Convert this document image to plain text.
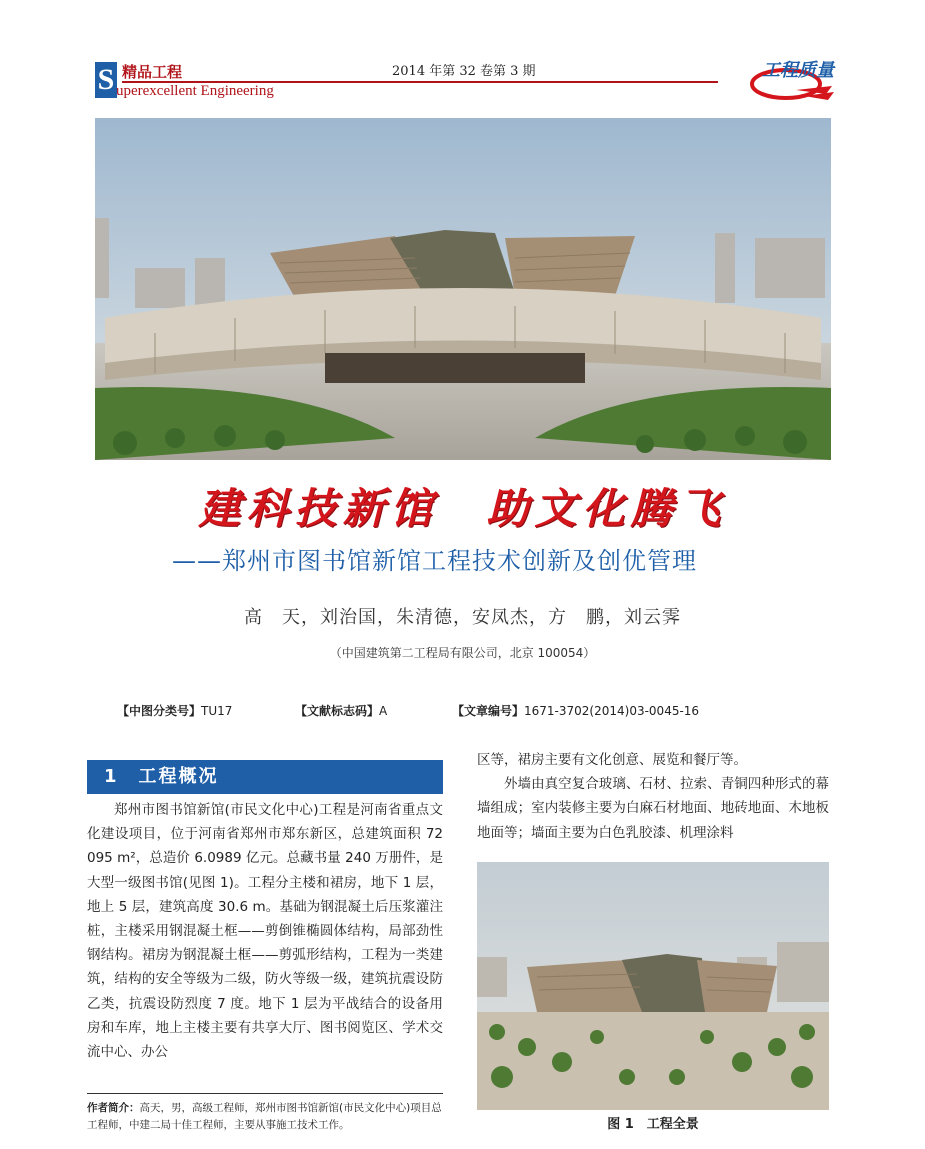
S 精品工程
uperexcellent Engineering
2014 年第 32 卷第 3 期	工程质量
建科技新馆　助文化腾飞
——郑州市图书馆新馆工程技术创新及创优管理
高　天，刘治国，朱清德，安凤杰，方　鹏，刘云霁
（中国建筑第二工程局有限公司，北京 100054）
【中图分类号】TU17	【文献标志码】A	【文章编号】1671-3702(2014)03-0045-16
1　工程概况

郑州市图书馆新馆(市民文化中心)工程是河南省重点文化建设项目，位于河南省郑州市郑东新区，总建筑面积 72 095 m²，总造价 6.0989 亿元。总藏书量 240 万册件，是大型一级图书馆(见图 1)。工程分主楼和裙房，地下 1 层，地上 5 层，建筑高度 30.6 m。基础为钢混凝土后压浆灌注桩，主楼采用钢混凝土框——剪倒锥椭圆体结构，局部劲性钢结构。裙房为钢混凝土框——剪弧形结构，工程为一类建筑，结构的安全等级为二级，防火等级一级，建筑抗震设防乙类，抗震设防烈度 7 度。地下 1 层为平战结合的设备用房和车库，地上主楼主要有共享大厅、图书阅览区、学术交流中心、办公

区等，裙房主要有文化创意、展览和餐厅等。

外墙由真空复合玻璃、石材、拉索、青铜四种形式的幕墙组成；室内装修主要为白麻石材地面、地砖地面、木地板地面等；墙面主要为白色乳胶漆、机理涂料

图 1　工程全景
作者简介：高天，男，高级工程师，郑州市图书馆新馆(市民文化中心)项目总工程师，中建二局十佳工程师，主要从事施工技术工作。
